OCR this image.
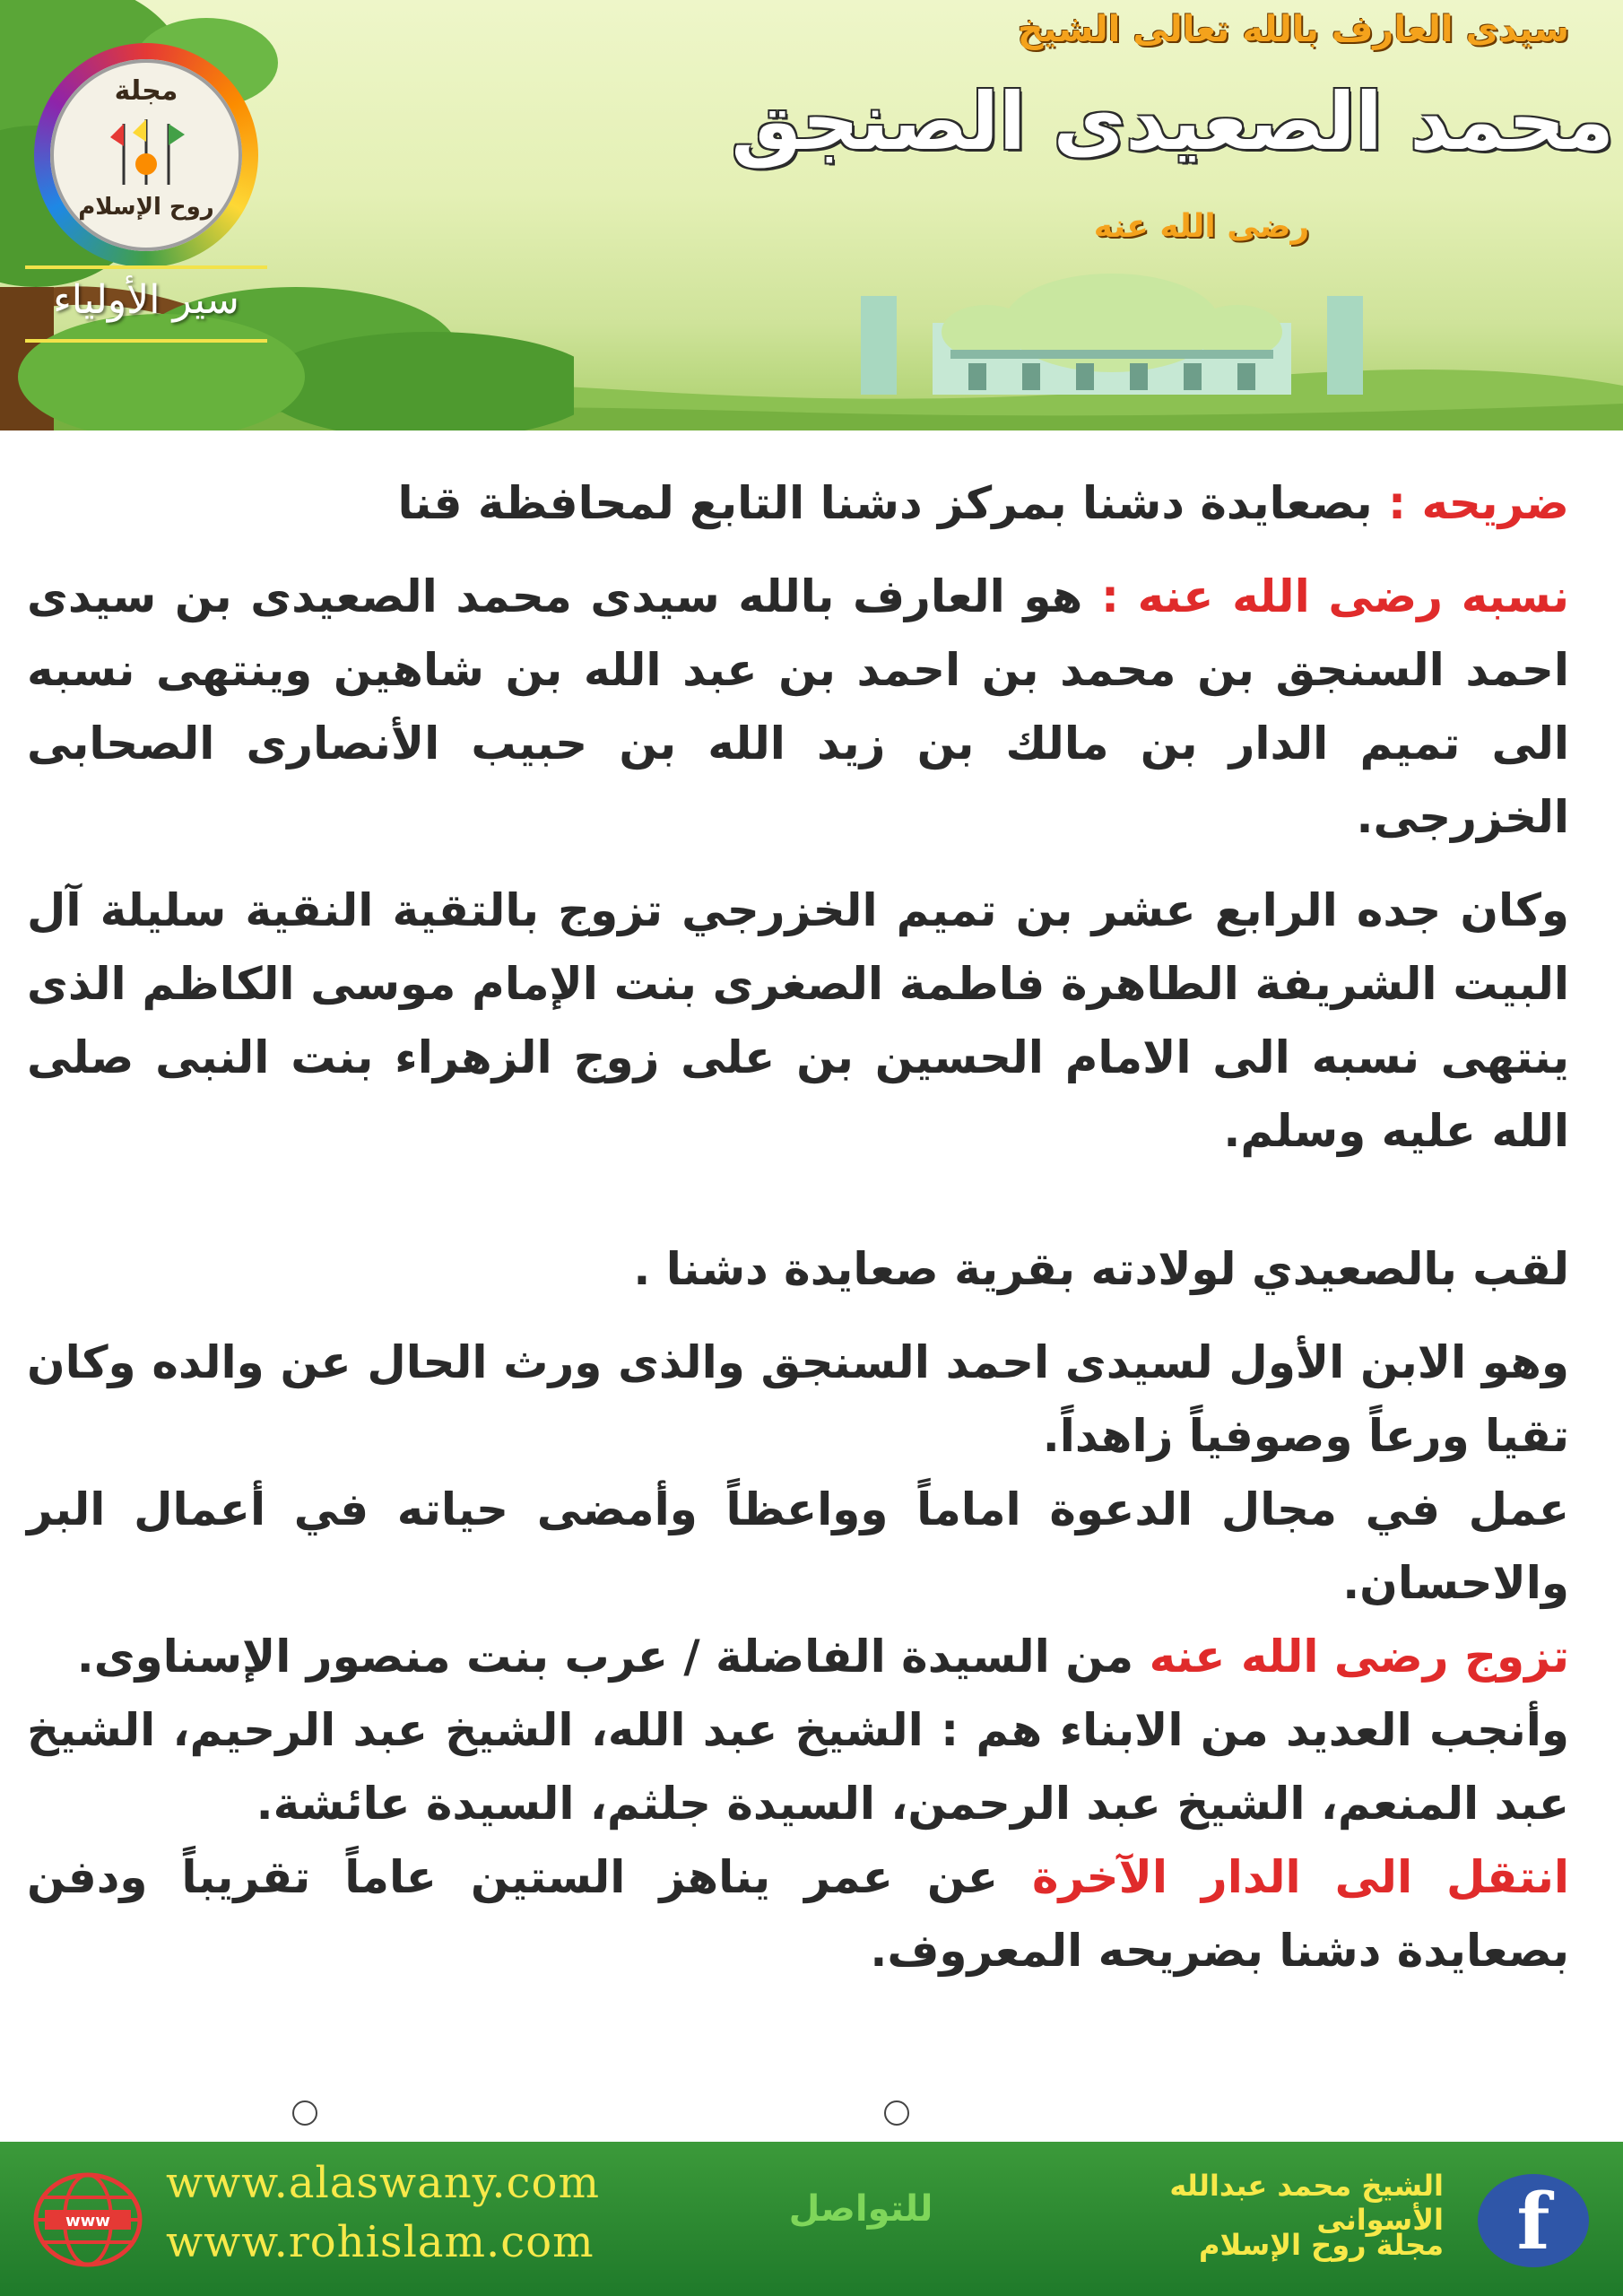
مجلة
روح الإسلام
سير الأولياء
سيدى العارف بالله تعالى الشيخ
محمد الصعيدى الصنجق
رضى الله عنه

ضريحه : بصعايدة دشنا بمركز دشنا التابع لمحافظة قنا

نسبه رضى الله عنه : هو العارف بالله سيدى محمد الصعيدى بن سيدى احمد السنجق بن محمد بن احمد بن عبد الله بن شاهين وينتهى نسبه الى تميم الدار بن مالك بن زيد الله بن حبيب الأنصارى الصحابى الخزرجى.

وكان جده الرابع عشر بن تميم الخزرجي تزوج بالتقية النقية سليلة آل البيت الشريفة الطاهرة فاطمة الصغرى بنت الإمام موسى الكاظم الذى ينتهى نسبه الى الامام الحسين بن على زوج الزهراء بنت النبى صلى الله عليه وسلم.

لقب بالصعيدي لولادته بقرية صعايدة دشنا .

وهو الابن الأول لسيدى احمد السنجق والذى ورث الحال عن والده وكان تقيا ورعاً وصوفياً زاهداً.

عمل في مجال الدعوة اماماً وواعظاً وأمضى حياته في أعمال البر والاحسان.

تزوج رضى الله عنه من السيدة الفاضلة / عرب بنت منصور الإسناوى.

وأنجب العديد من الابناء هم : الشيخ عبد الله، الشيخ عبد الرحيم، الشيخ عبد المنعم، الشيخ عبد الرحمن، السيدة جلثم، السيدة عائشة.

انتقل الى الدار الآخرة عن عمر يناهز الستين عاماً تقريباً ودفن بصعايدة دشنا بضريحه المعروف.

www
www.alaswany.com
www.rohislam.com
للتواصل
الشيخ محمد عبدالله الأسوانى
مجلة روح الإسلام f
